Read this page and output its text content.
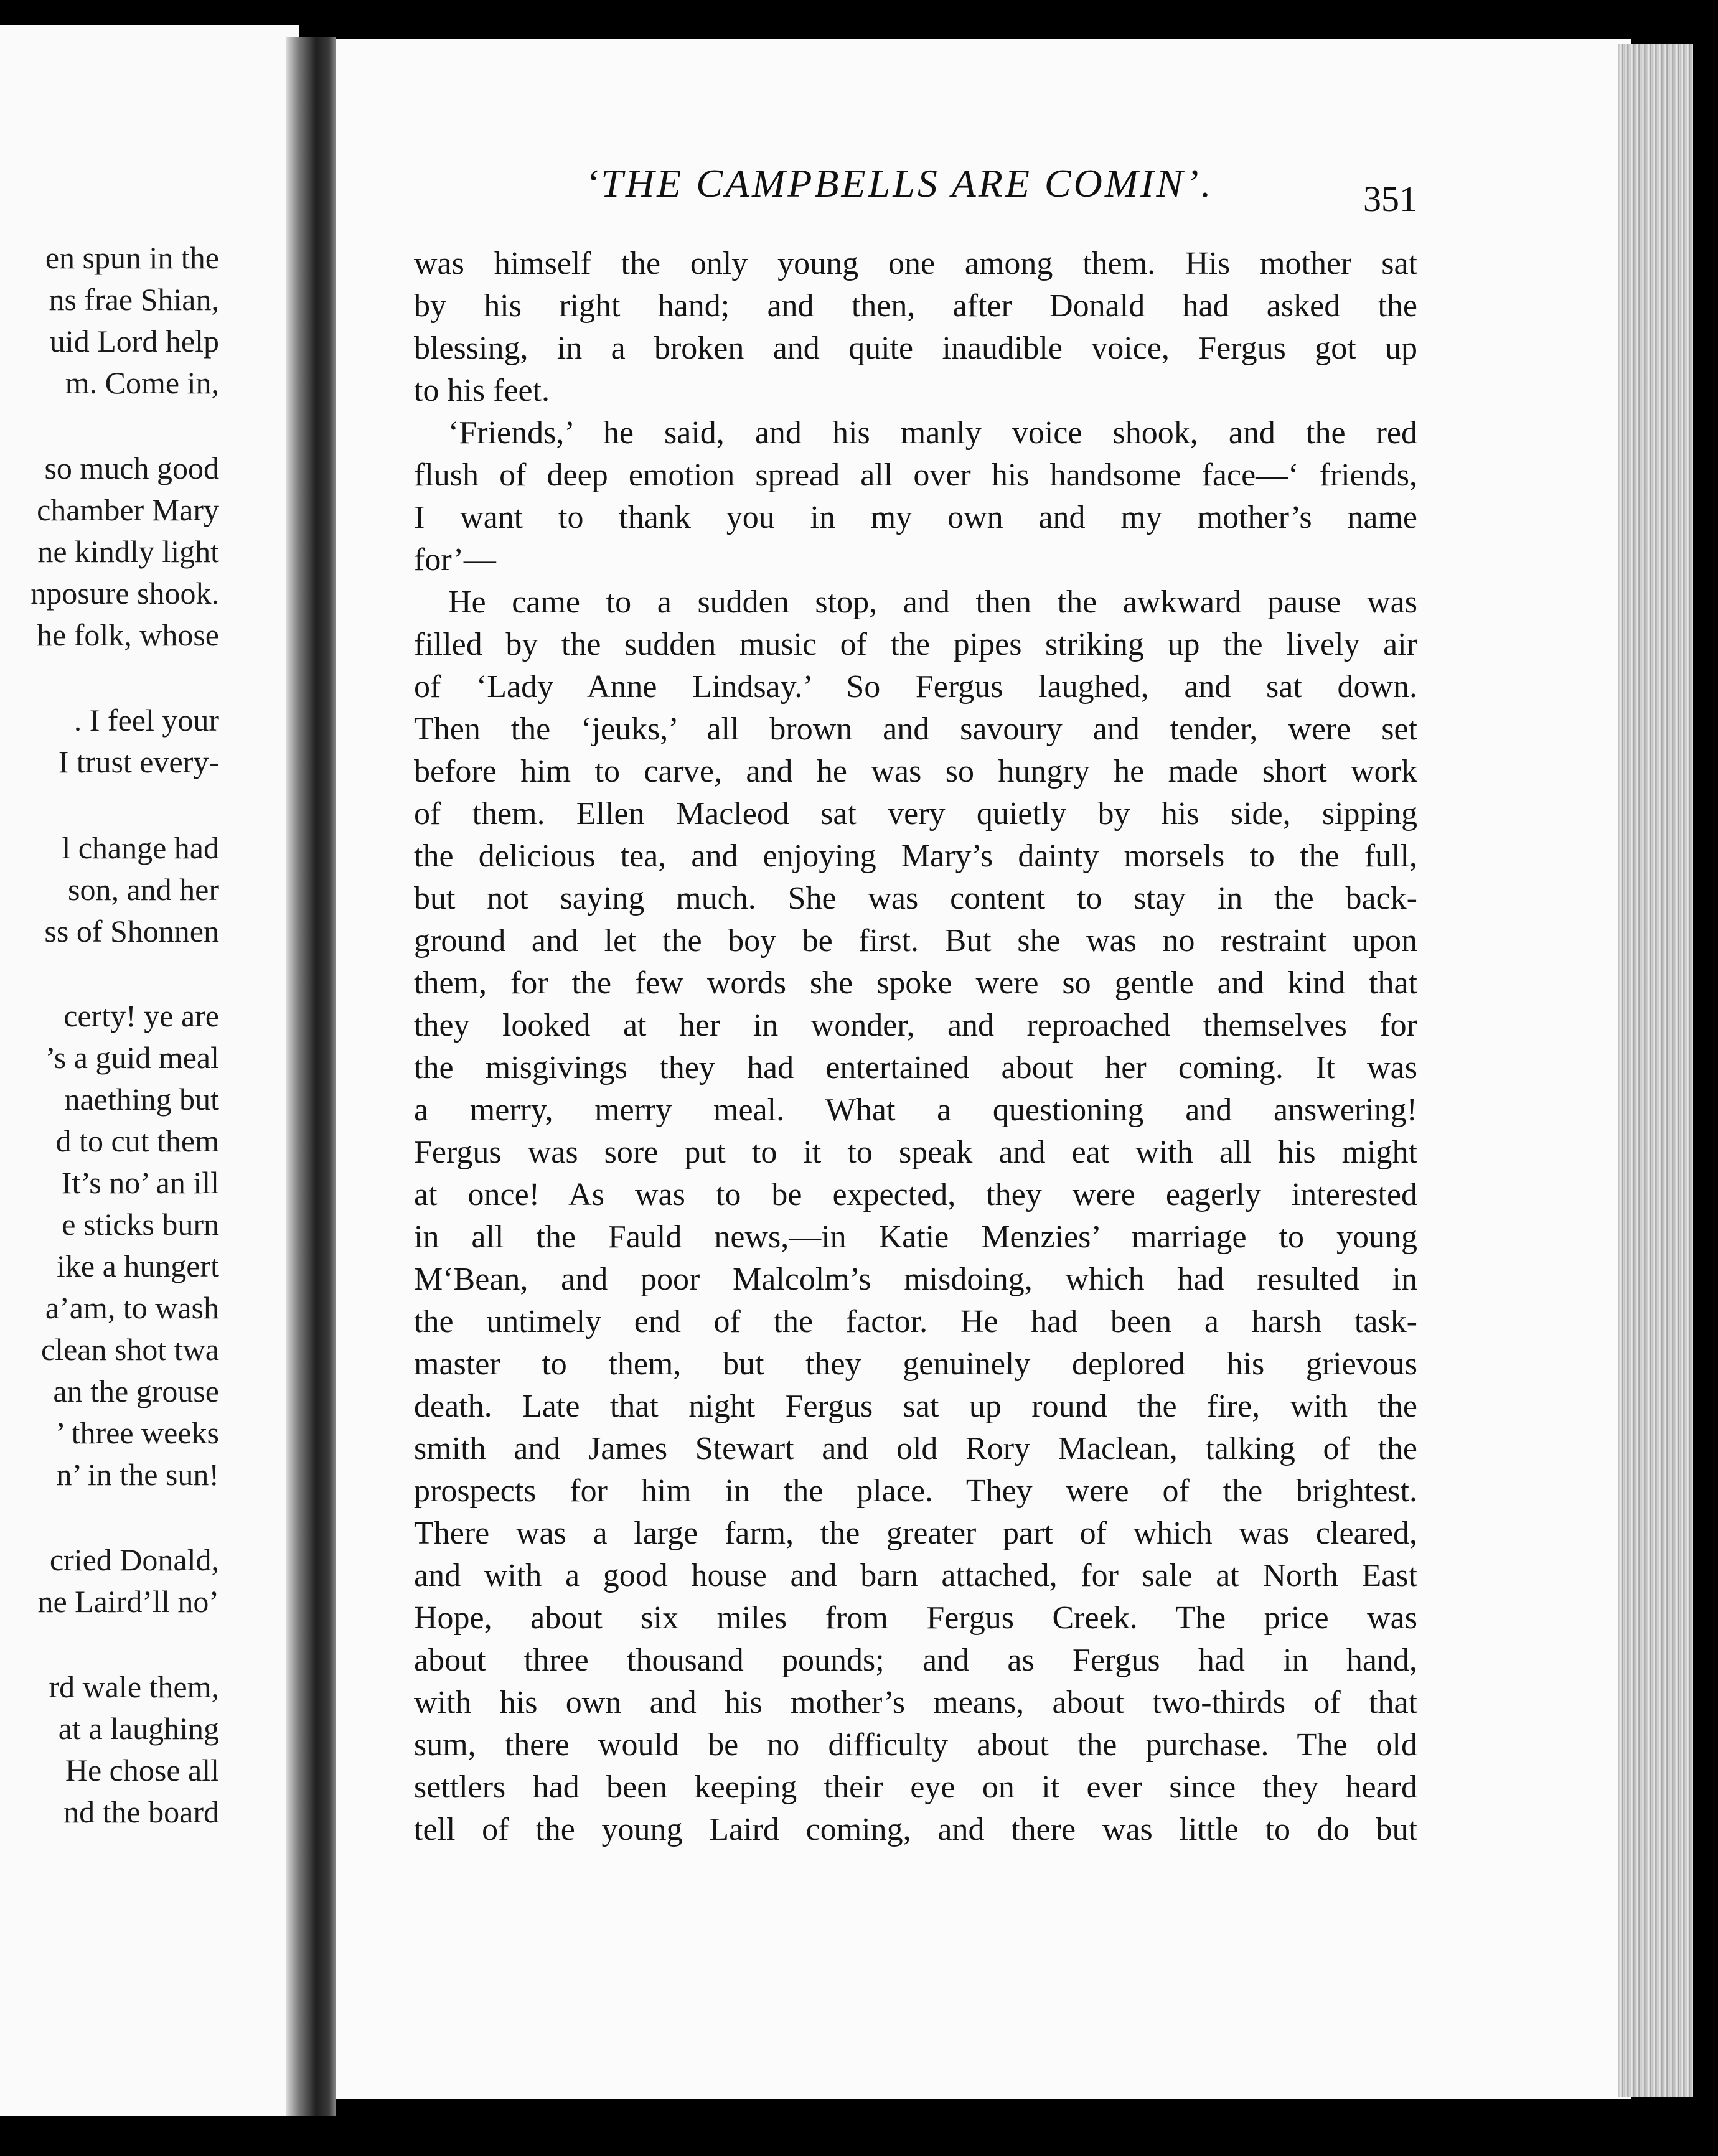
en spun in the
ns frae Shian,
uid Lord help
m. Come in,
so much good
chamber Mary
ne kindly light
nposure shook.
he folk, whose
. I feel your
I trust every-
l change had
son, and her
ss of Shonnen
certy! ye are
’s a guid meal
naething but
d to cut them
It’s no’ an ill
e sticks burn
ike a hungert
a’am, to wash
clean shot twa
an the grouse
’ three weeks
n’ in the sun!
cried Donald,
ne Laird’ll no’
rd wale them,
at a laughing
He chose all
nd the board
‘THE CAMPBELLS ARE COMIN’.	351
was himself the only young one among them. His mother sat
by his right hand; and then, after Donald had asked the
blessing, in a broken and quite inaudible voice, Fergus got up
to his feet.
‘Friends,’ he said, and his manly voice shook, and the red
flush of deep emotion spread all over his handsome face—‘ friends,
I want to thank you in my own and my mother’s name
for’—
He came to a sudden stop, and then the awkward pause was
filled by the sudden music of the pipes striking up the lively air
of ‘Lady Anne Lindsay.’ So Fergus laughed, and sat down.
Then the ‘jeuks,’ all brown and savoury and tender, were set
before him to carve, and he was so hungry he made short work
of them. Ellen Macleod sat very quietly by his side, sipping
the delicious tea, and enjoying Mary’s dainty morsels to the full,
but not saying much. She was content to stay in the back-
ground and let the boy be first. But she was no restraint upon
them, for the few words she spoke were so gentle and kind that
they looked at her in wonder, and reproached themselves for
the misgivings they had entertained about her coming. It was
a merry, merry meal. What a questioning and answering!
Fergus was sore put to it to speak and eat with all his might
at once! As was to be expected, they were eagerly interested
in all the Fauld news,—in Katie Menzies’ marriage to young
M‘Bean, and poor Malcolm’s misdoing, which had resulted in
the untimely end of the factor. He had been a harsh task-
master to them, but they genuinely deplored his grievous
death. Late that night Fergus sat up round the fire, with the
smith and James Stewart and old Rory Maclean, talking of the
prospects for him in the place. They were of the brightest.
There was a large farm, the greater part of which was cleared,
and with a good house and barn attached, for sale at North East
Hope, about six miles from Fergus Creek. The price was
about three thousand pounds; and as Fergus had in hand,
with his own and his mother’s means, about two-thirds of that
sum, there would be no difficulty about the purchase. The old
settlers had been keeping their eye on it ever since they heard
tell of the young Laird coming, and there was little to do but
